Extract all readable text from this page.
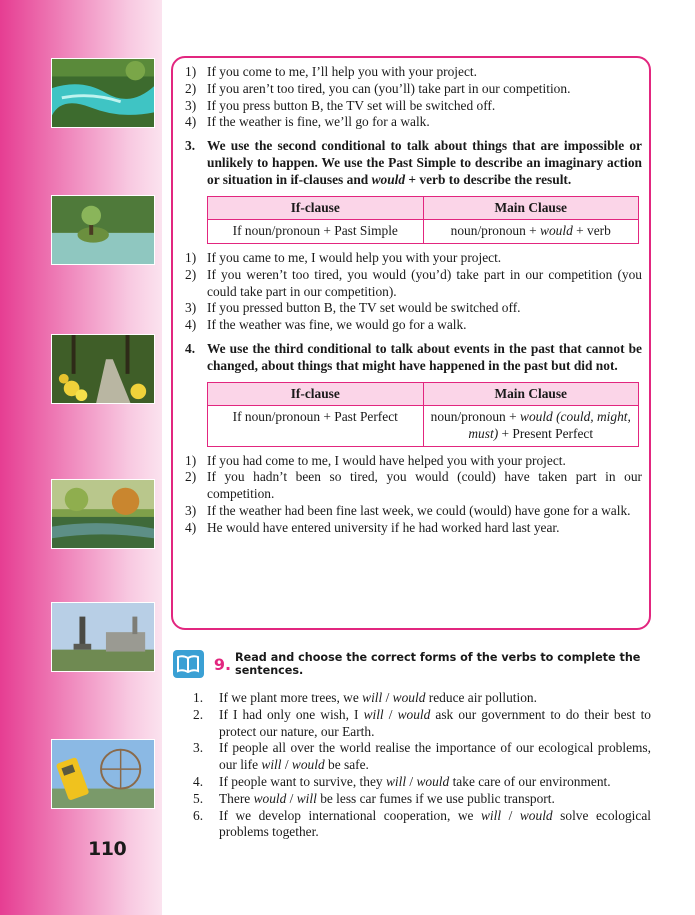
110
1) If you come to me, I’ll help you with your project.
2) If you aren’t too tired, you can (you’ll) take part in our competition.
3) If you press button B, the TV set will be switched off.
4) If the weather is fine, we’ll go for a walk.
3. We use the second conditional to talk about things that are impossible or unlikely to happen. We use the Past Simple to describe an imaginary action or situation in if-clauses and would + verb to describe the result.
If-clause	Main Clause
If noun/pronoun + Past Simple	noun/pronoun + would + verb
1) If you came to me, I would help you with your project.
2) If you weren’t too tired, you would (you’d) take part in our competition (you could take part in our competition).
3) If you pressed button B, the TV set would be switched off.
4) If the weather was fine, we would go for a walk.
4. We use the third conditional to talk about events in the past that cannot be changed, about things that might have happened in the past but did not.
If-clause	Main Clause
If noun/pronoun + Past Perfect	noun/pronoun + would (could, might, must) + Present Perfect
1) If you had come to me, I would have helped you with your project.
2) If you hadn’t been so tired, you would (could) have taken part in our competition.
3) If the weather had been fine last week, we could (would) have gone for a walk.
4) He would have entered university if he had worked hard last year.
9. Read and choose the correct forms of the verbs to complete the sentences.
1.	If we plant more trees, we will / would reduce air pollution.
2.	If I had only one wish, I will / would ask our government to do their best to protect our nature, our Earth.
3.	If people all over the world realise the importance of our ecological problems, our life will / would be safe.
4.	If people want to survive, they will / would take care of our environment.
5.	There would / will be less car fumes if we use public transport.
6.	If we develop international cooperation, we will / would solve ecological problems together.
